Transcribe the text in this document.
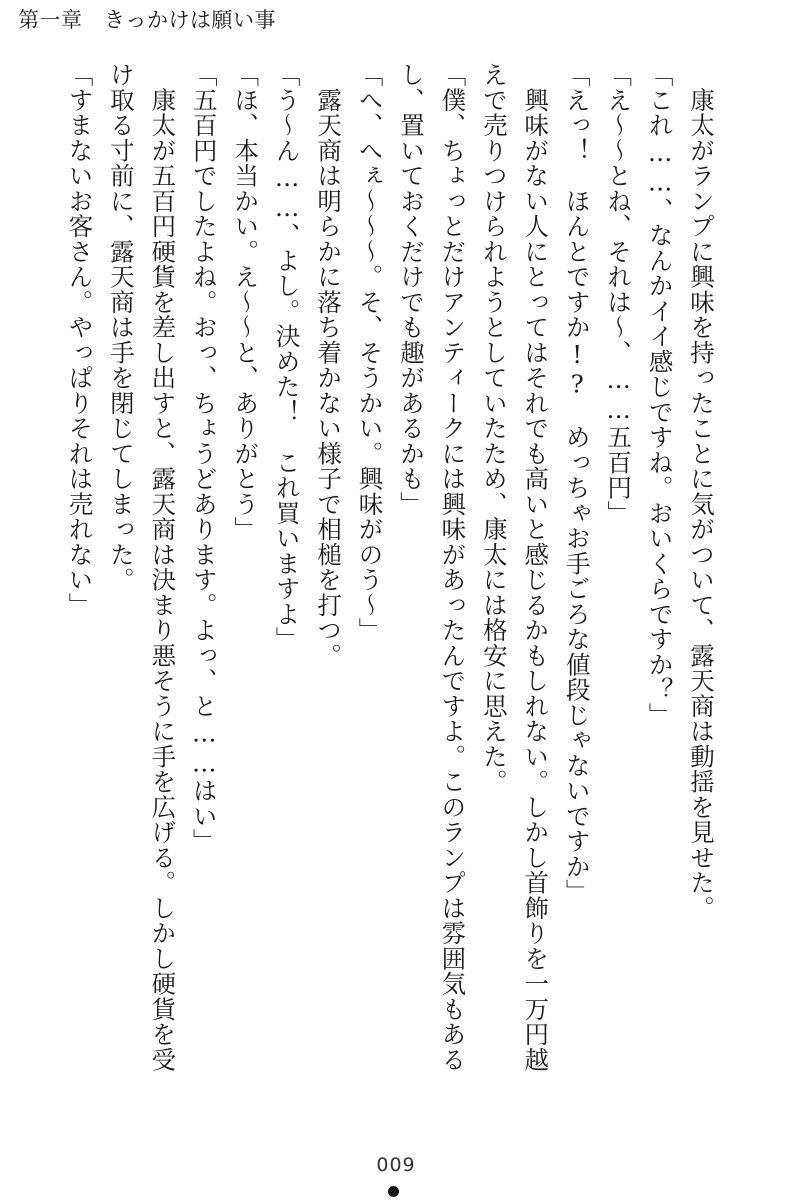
第一章　きっかけは願い事
　康太がランプに興味を持ったことに気がついて、露天商は動揺を見せた。
「これ……、なんかイイ感じですね。おいくらですか？」
「え～～とね、それは～、……五百円」
「えっ！　ほんとですか!?　めっちゃお手ごろな値段じゃないですか」
　興味がない人にとってはそれでも高いと感じるかもしれない。しかし首飾りを一万円越
えで売りつけられようとしていたため、康太には格安に思えた。
「僕、ちょっとだけアンティークには興味があったんですよ。このランプは雰囲気もある
し、置いておくだけでも趣があるかも」
「へ、へぇ～～～。そ、そうかい。興味がのう～」
　露天商は明らかに落ち着かない様子で相槌を打つ。
「う～ん……、よし。決めた！　これ買いますよ」
「ほ、本当かい。え～～と、ありがとう」
「五百円でしたよね。おっ、ちょうどあります。よっ、と……はい」
　康太が五百円硬貨を差し出すと、露天商は決まり悪そうに手を広げる。しかし硬貨を受
け取る寸前に、露天商は手を閉じてしまった。
「すまないお客さん。やっぱりそれは売れない」
009
